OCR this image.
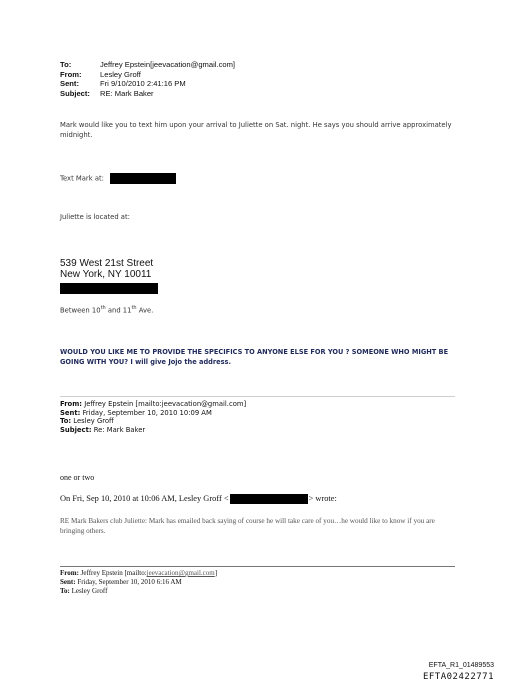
To:	Jeffrey Epstein[jeevacation@gmail.com]
From:	Lesley Groff
Sent:	Fri 9/10/2010 2:41:16 PM
Subject:	RE: Mark Baker
Mark would like you to text him upon your arrival to Juliette on Sat. night. He says you should arrive approximately midnight.
Text Mark at:
Juliette is located at:
539 West 21st Street
New York, NY 10011
Between 10th and 11th Ave.
WOULD YOU LIKE ME TO PROVIDE THE SPECIFICS TO ANYONE ELSE FOR YOU ? SOMEONE WHO MIGHT BE GOING WITH YOU? I will give Jojo the address.
From: Jeffrey Epstein [mailto:jeevacation@gmail.com]
Sent: Friday, September 10, 2010 10:09 AM
To: Lesley Groff
Subject: Re: Mark Baker
one or two
On Fri, Sep 10, 2010 at 10:06 AM, Lesley Groff <	> wrote:
RE Mark Bakers club Juliette: Mark has emailed back saying of course he will take care of you…he would like to know if you are bringing others.
From: Jeffrey Epstein [mailto:jeevacation@gmail.com]
Sent: Friday, September 10, 2010 6:16 AM
To: Lesley Groff
EFTA_R1_01489553
EFTA02422771
